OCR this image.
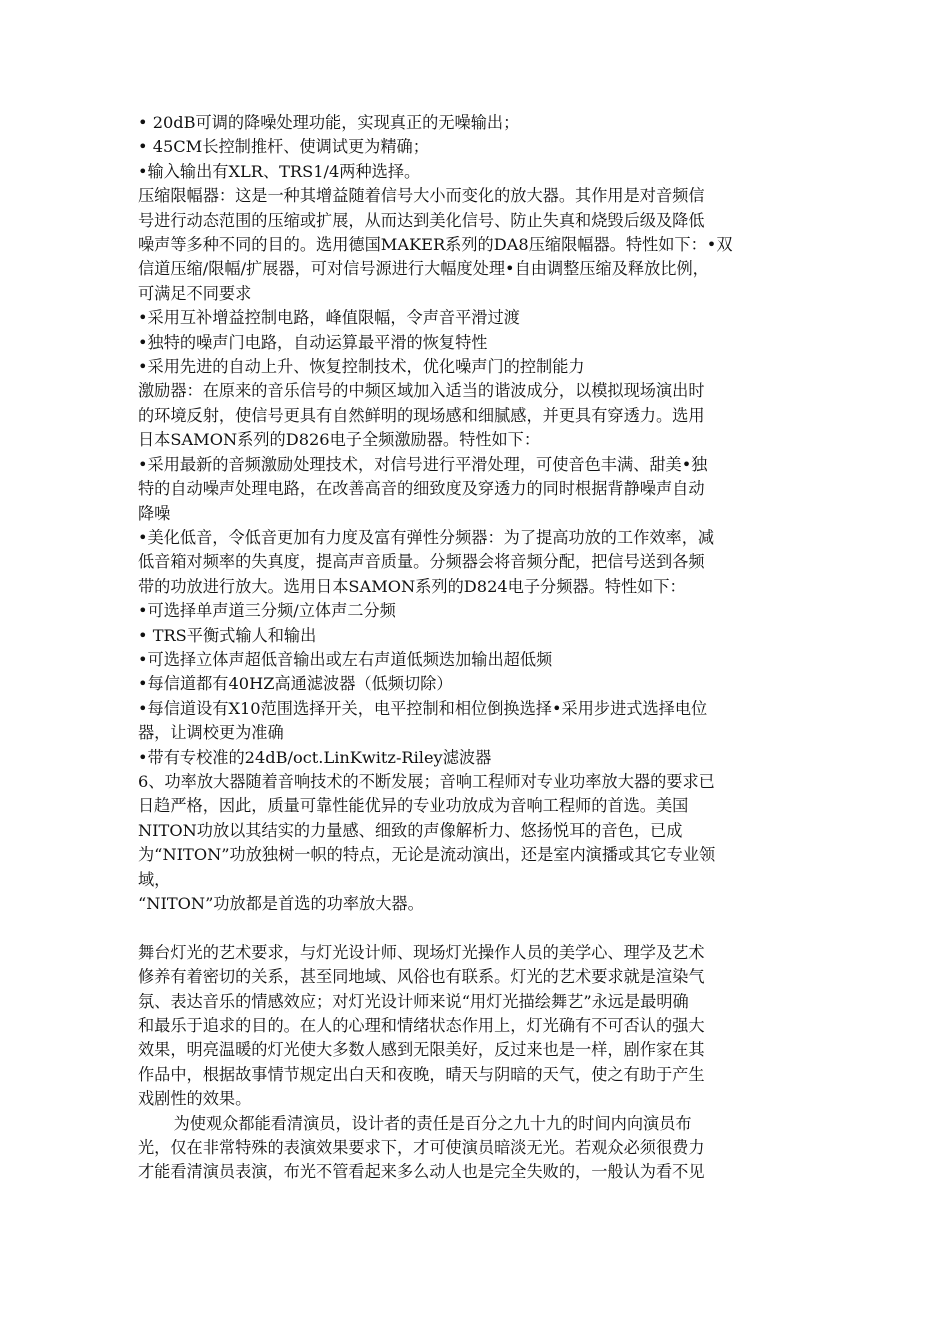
• 20dB可调的降噪处理功能，实现真正的无噪输出；
• 45CM长控制推杆、使调试更为精确；
•输入输出有XLR、TRS1/4两种选择。
压缩限幅器：这是一种其增益随着信号大小而变化的放大器。其作用是对音频信
号进行动态范围的压缩或扩展，从而达到美化信号、防止失真和烧毁后级及降低
噪声等多种不同的目的。选用德国MAKER系列的DA8压缩限幅器。特性如下：•双
信道压缩/限幅/扩展器，可对信号源进行大幅度处理•自由调整压缩及释放比例，
可满足不同要求
•采用互补增益控制电路，峰值限幅，令声音平滑过渡
•独特的噪声门电路，自动运算最平滑的恢复特性
•采用先进的自动上升、恢复控制技术，优化噪声门的控制能力
激励器：在原来的音乐信号的中频区域加入适当的谐波成分，以模拟现场演出时
的环境反射，使信号更具有自然鲜明的现场感和细腻感，并更具有穿透力。选用
日本SAMON系列的D826电子全频激励器。特性如下：
•采用最新的音频激励处理技术，对信号进行平滑处理，可使音色丰满、甜美•独
特的自动噪声处理电路，在改善高音的细致度及穿透力的同时根据背静噪声自动
降噪
•美化低音，令低音更加有力度及富有弹性分频器：为了提高功放的工作效率，减
低音箱对频率的失真度，提高声音质量。分频器会将音频分配，把信号送到各频
带的功放进行放大。选用日本SAMON系列的D824电子分频器。特性如下：
•可选择单声道三分频/立体声二分频
• TRS平衡式输人和输出
•可选择立体声超低音输出或左右声道低频迭加输出超低频
•每信道都有40HZ高通滤波器（低频切除）
•每信道设有X10范围选择开关，电平控制和相位倒换选择•采用步进式选择电位
器，让调校更为准确
•带有专校准的24dB/oct.LinKwitz-Riley滤波器
6、功率放大器随着音响技术的不断发展；音响工程师对专业功率放大器的要求已
日趋严格，因此，质量可靠性能优异的专业功放成为音响工程师的首选。美国
NITON功放以其结实的力量感、细致的声像解析力、悠扬悦耳的音色，已成
为“NITON”功放独树一帜的特点，无论是流动演出，还是室内演播或其它专业领
域，
“NITON”功放都是首选的功率放大器。
舞台灯光的艺术要求，与灯光设计师、现场灯光操作人员的美学心、理学及艺术
修养有着密切的关系，甚至同地域、风俗也有联系。灯光的艺术要求就是渲染气
氛、表达音乐的情感效应；对灯光设计师来说“用灯光描绘舞艺”永远是最明确
和最乐于追求的目的。在人的心理和情绪状态作用上，灯光确有不可否认的强大
效果，明亮温暖的灯光使大多数人感到无限美好，反过来也是一样，剧作家在其
作品中，根据故事情节规定出白天和夜晚，晴天与阴暗的天气，使之有助于产生
戏剧性的效果。
为使观众都能看清演员，设计者的责任是百分之九十九的时间内向演员布
光，仅在非常特殊的表演效果要求下，才可使演员暗淡无光。若观众必须很费力
才能看清演员表演，布光不管看起来多么动人也是完全失败的，一般认为看不见
